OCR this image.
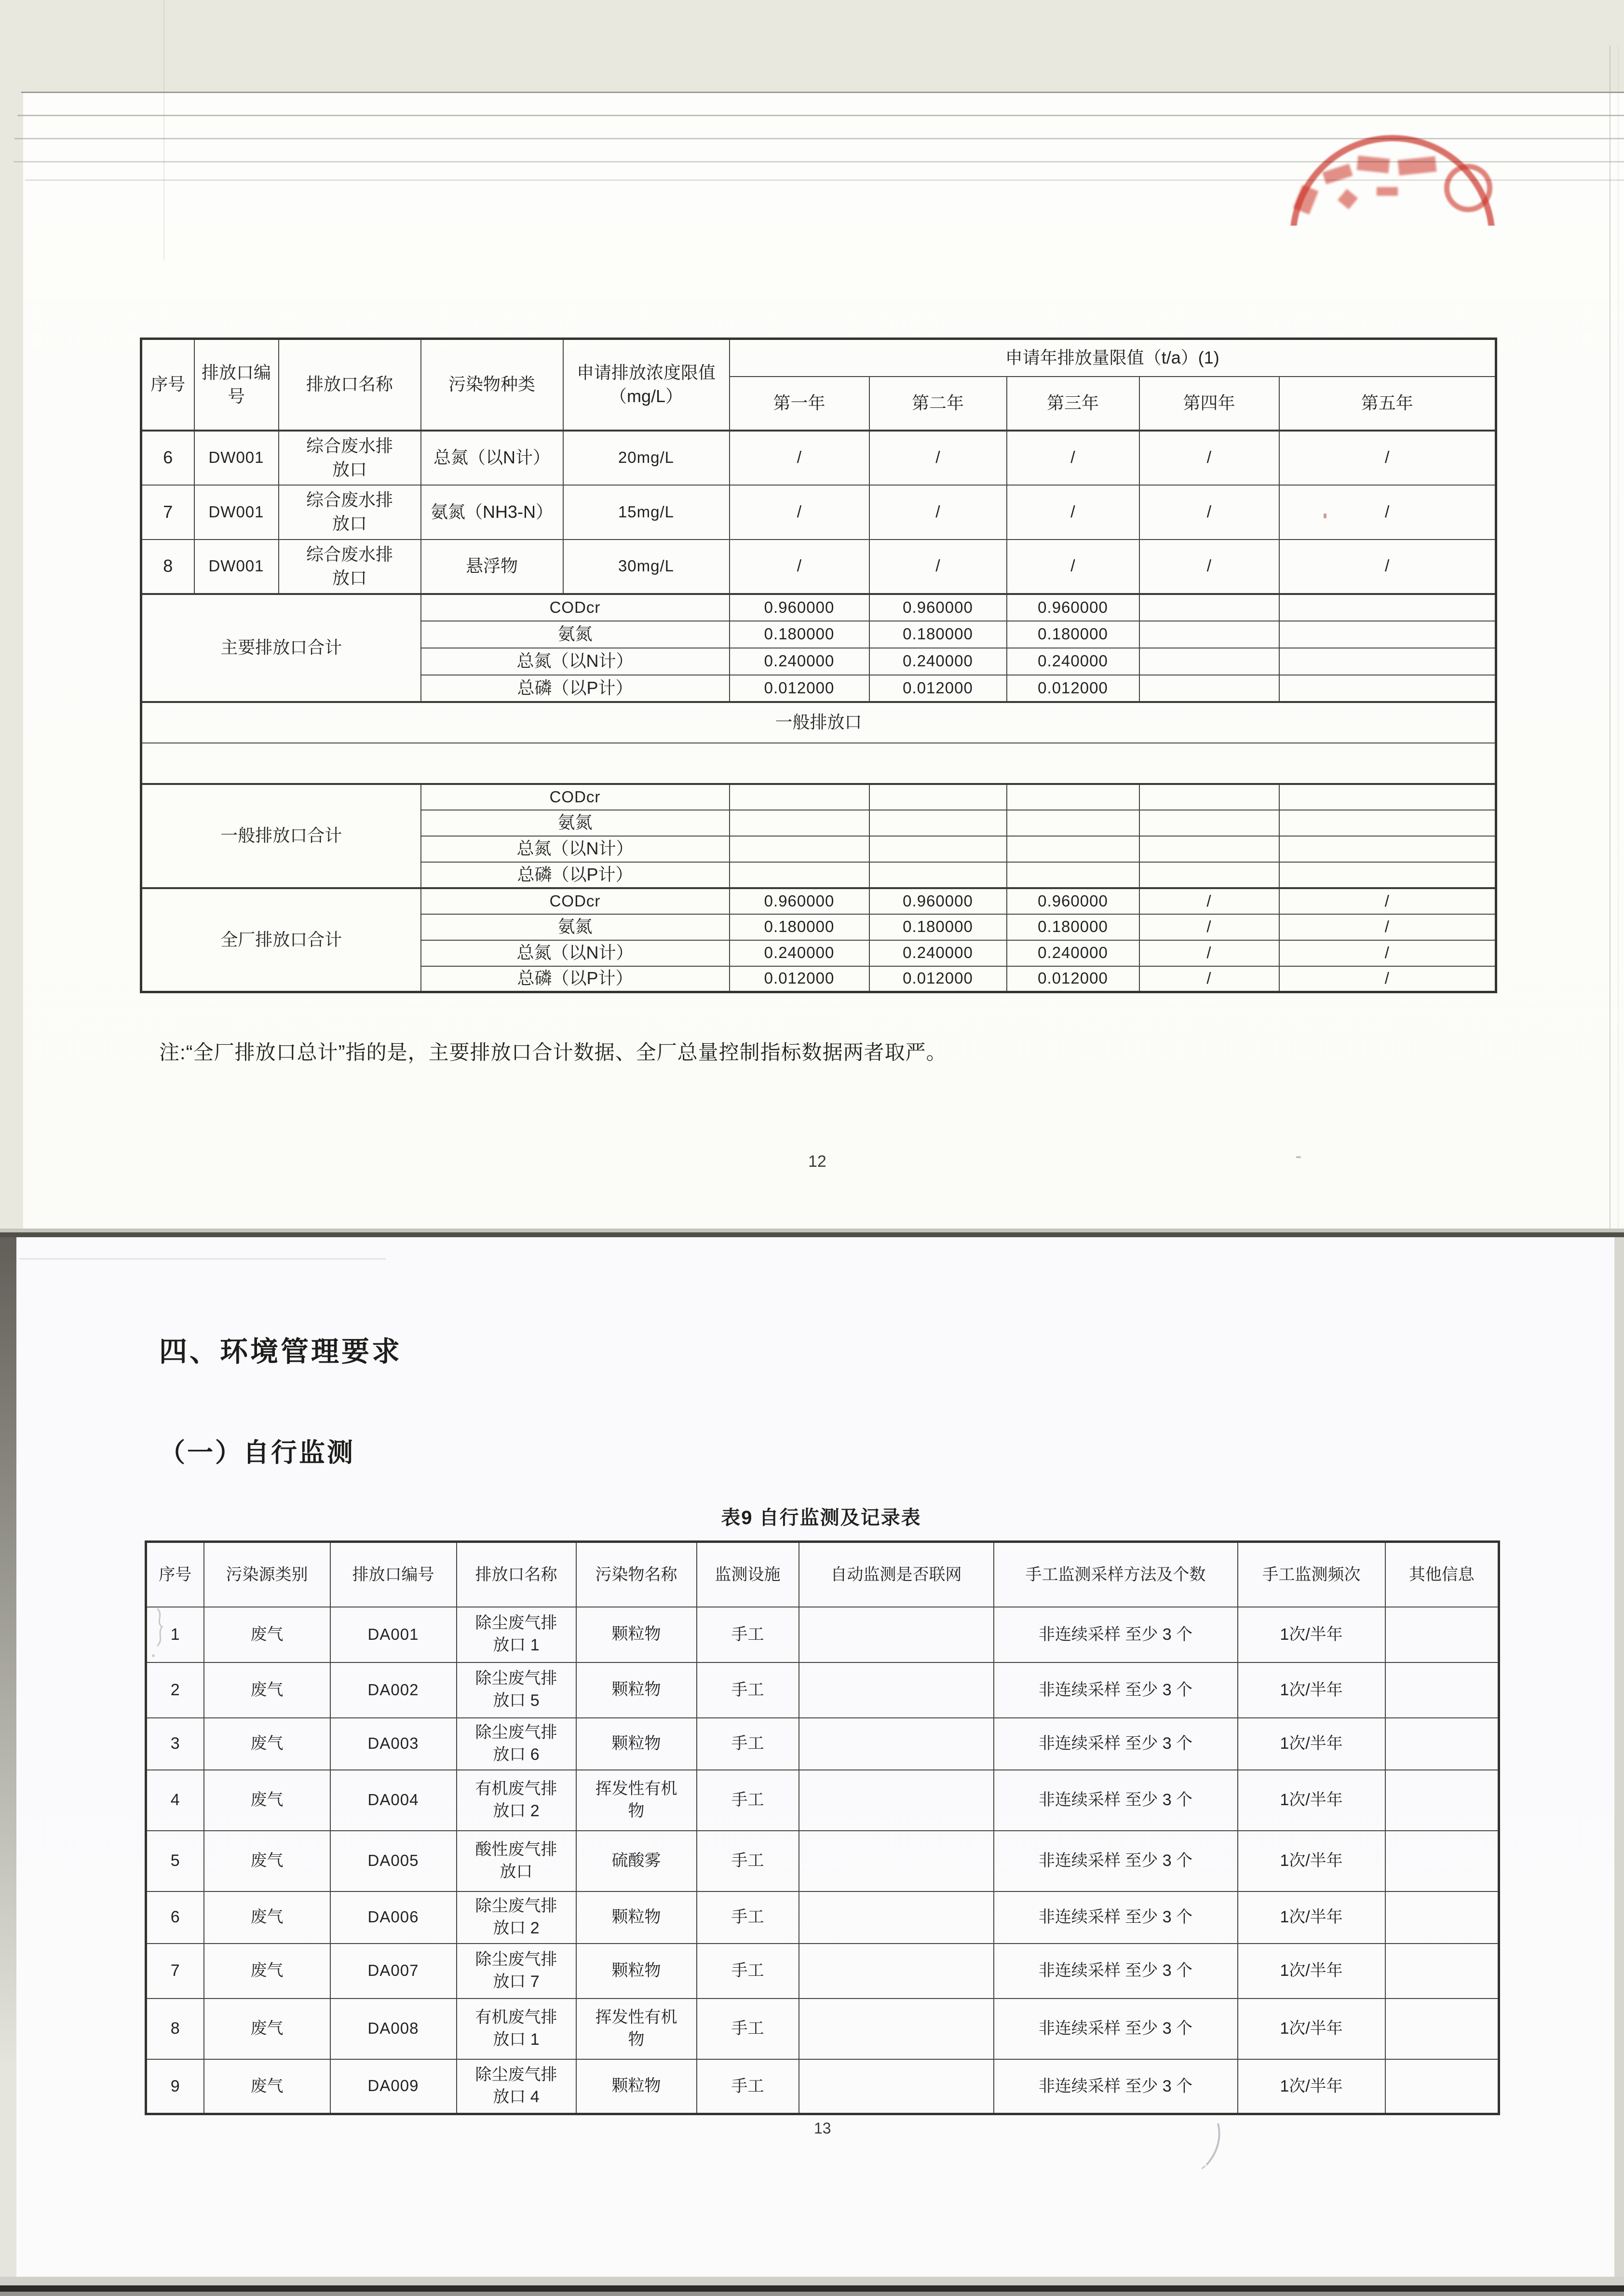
序号	排放口编号	排放口名称	污染物种类	申请排放浓度限值
（mg/L）	申请年排放量限值（t/a）(1)				
					第一年	第二年	第三年	第四年	第五年
6	DW001	综合废水排放口	总氮（以N计）	20mg/L	/	/	/	/	/
7	DW001	综合废水排放口	氨氮（NH3-N）	15mg/L	/	/	/	/	/
8	DW001	综合废水排放口	悬浮物	30mg/L	/	/	/	/	/
主要排放口合计			CODcr		0.960000	0.960000	0.960000		
			氨氮		0.180000	0.180000	0.180000		
			总氮（以N计）		0.240000	0.240000	0.240000		
			总磷（以P计）		0.012000	0.012000	0.012000		
一般排放口									

一般排放口合计			CODcr						
			氨氮						
			总氮（以N计）						
			总磷（以P计）						
全厂排放口合计			CODcr		0.960000	0.960000	0.960000	/	/
			氨氮		0.180000	0.180000	0.180000	/	/
			总氮（以N计）		0.240000	0.240000	0.240000	/	/
			总磷（以P计）		0.012000	0.012000	0.012000	/	/
注:“全厂排放口总计”指的是，主要排放口合计数据、全厂总量控制指标数据两者取严。
12
四、环境管理要求
（一）自行监测
表9 自行监测及记录表
序号	污染源类别	排放口编号	排放口名称	污染物名称	监测设施	自动监测是否联网	手工监测采样方法及个数	手工监测频次	其他信息
1	废气	DA001	除尘废气排放口 1	颗粒物	手工		非连续采样 至少 3 个	1次/半年	
2	废气	DA002	除尘废气排放口 5	颗粒物	手工		非连续采样 至少 3 个	1次/半年	
3	废气	DA003	除尘废气排放口 6	颗粒物	手工		非连续采样 至少 3 个	1次/半年	
4	废气	DA004	有机废气排放口 2	挥发性有机物	手工		非连续采样 至少 3 个	1次/半年	
5	废气	DA005	酸性废气排放口	硫酸雾	手工		非连续采样 至少 3 个	1次/半年	
6	废气	DA006	除尘废气排放口 2	颗粒物	手工		非连续采样 至少 3 个	1次/半年	
7	废气	DA007	除尘废气排放口 7	颗粒物	手工		非连续采样 至少 3 个	1次/半年	
8	废气	DA008	有机废气排放口 1	挥发性有机物	手工		非连续采样 至少 3 个	1次/半年	
9	废气	DA009	除尘废气排放口 4	颗粒物	手工		非连续采样 至少 3 个	1次/半年	
13
